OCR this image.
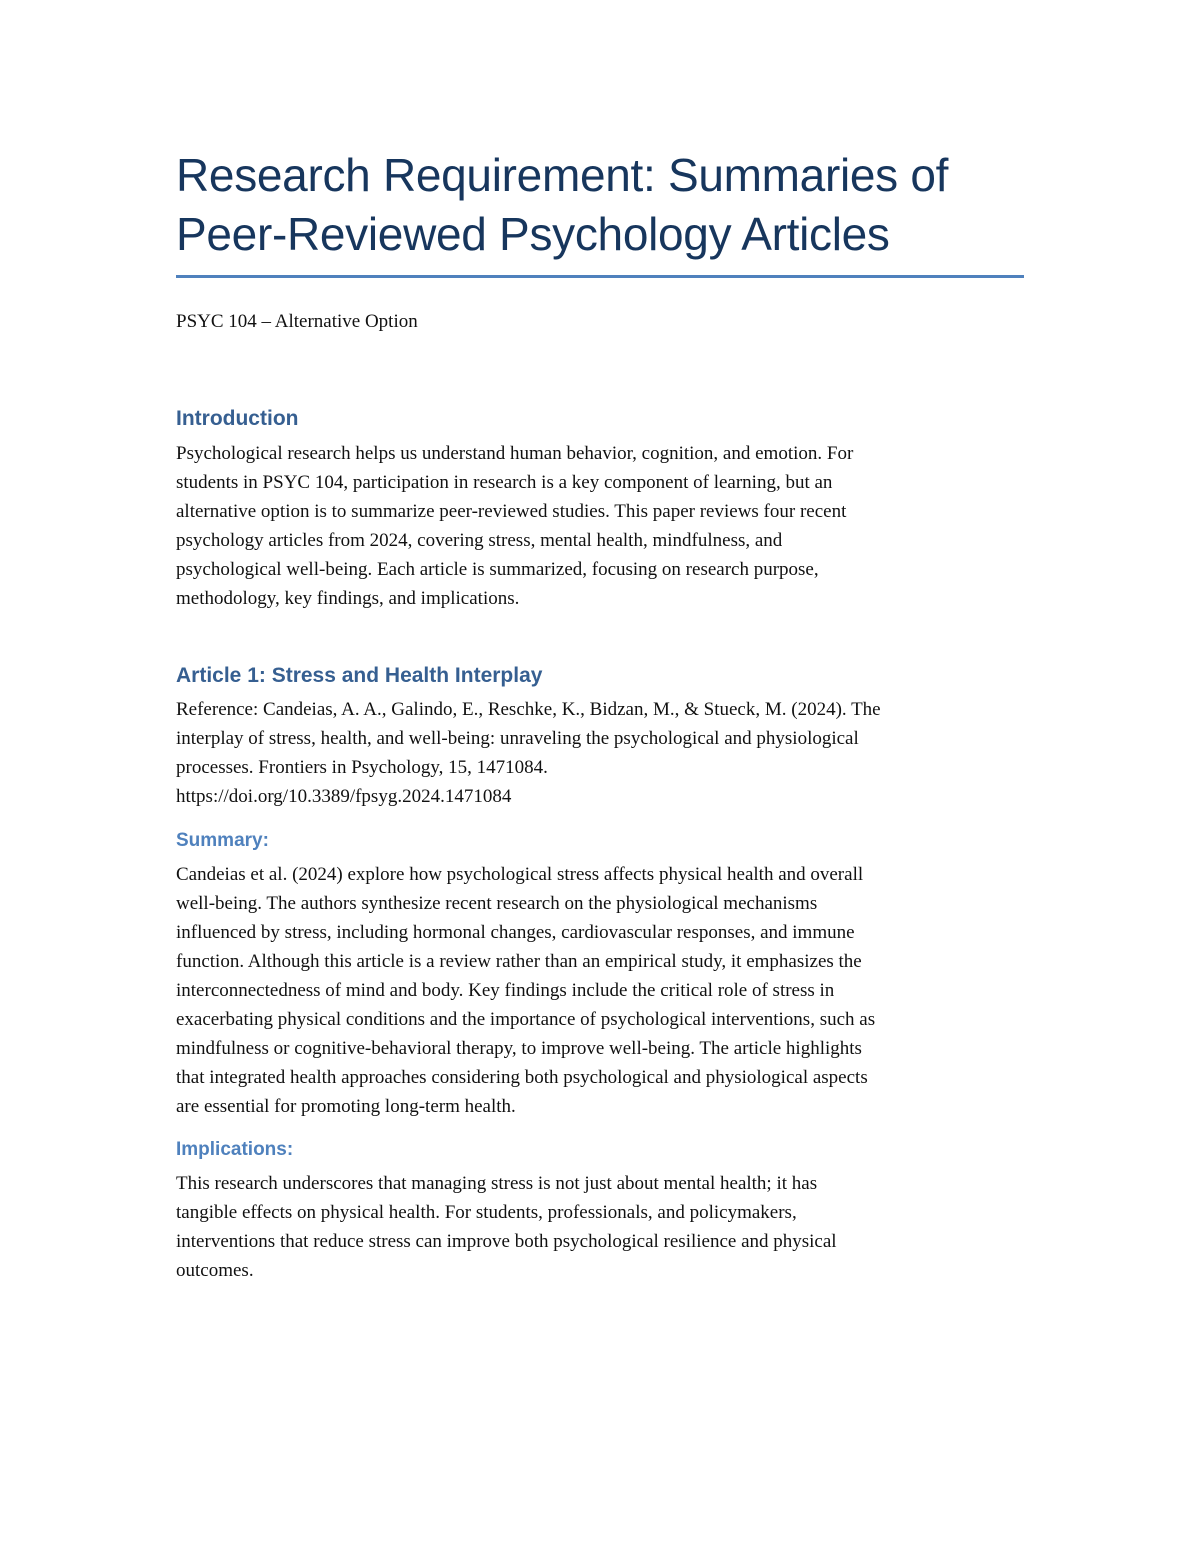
Research Requirement: Summaries of
Peer-Reviewed Psychology Articles
PSYC 104 – Alternative Option
Introduction

Psychological research helps us understand human behavior, cognition, and emotion. For
students in PSYC 104, participation in research is a key component of learning, but an
alternative option is to summarize peer-reviewed studies. This paper reviews four recent
psychology articles from 2024, covering stress, mental health, mindfulness, and
psychological well-being. Each article is summarized, focusing on research purpose,
methodology, key findings, and implications.

Article 1: Stress and Health Interplay

Reference: Candeias, A. A., Galindo, E., Reschke, K., Bidzan, M., & Stueck, M. (2024). The
interplay of stress, health, and well-being: unraveling the psychological and physiological
processes. Frontiers in Psychology, 15, 1471084.
https://doi.org/10.3389/fpsyg.2024.1471084

Summary:

Candeias et al. (2024) explore how psychological stress affects physical health and overall
well-being. The authors synthesize recent research on the physiological mechanisms
influenced by stress, including hormonal changes, cardiovascular responses, and immune
function. Although this article is a review rather than an empirical study, it emphasizes the
interconnectedness of mind and body. Key findings include the critical role of stress in
exacerbating physical conditions and the importance of psychological interventions, such as
mindfulness or cognitive-behavioral therapy, to improve well-being. The article highlights
that integrated health approaches considering both psychological and physiological aspects
are essential for promoting long-term health.

Implications:

This research underscores that managing stress is not just about mental health; it has
tangible effects on physical health. For students, professionals, and policymakers,
interventions that reduce stress can improve both psychological resilience and physical
outcomes.
